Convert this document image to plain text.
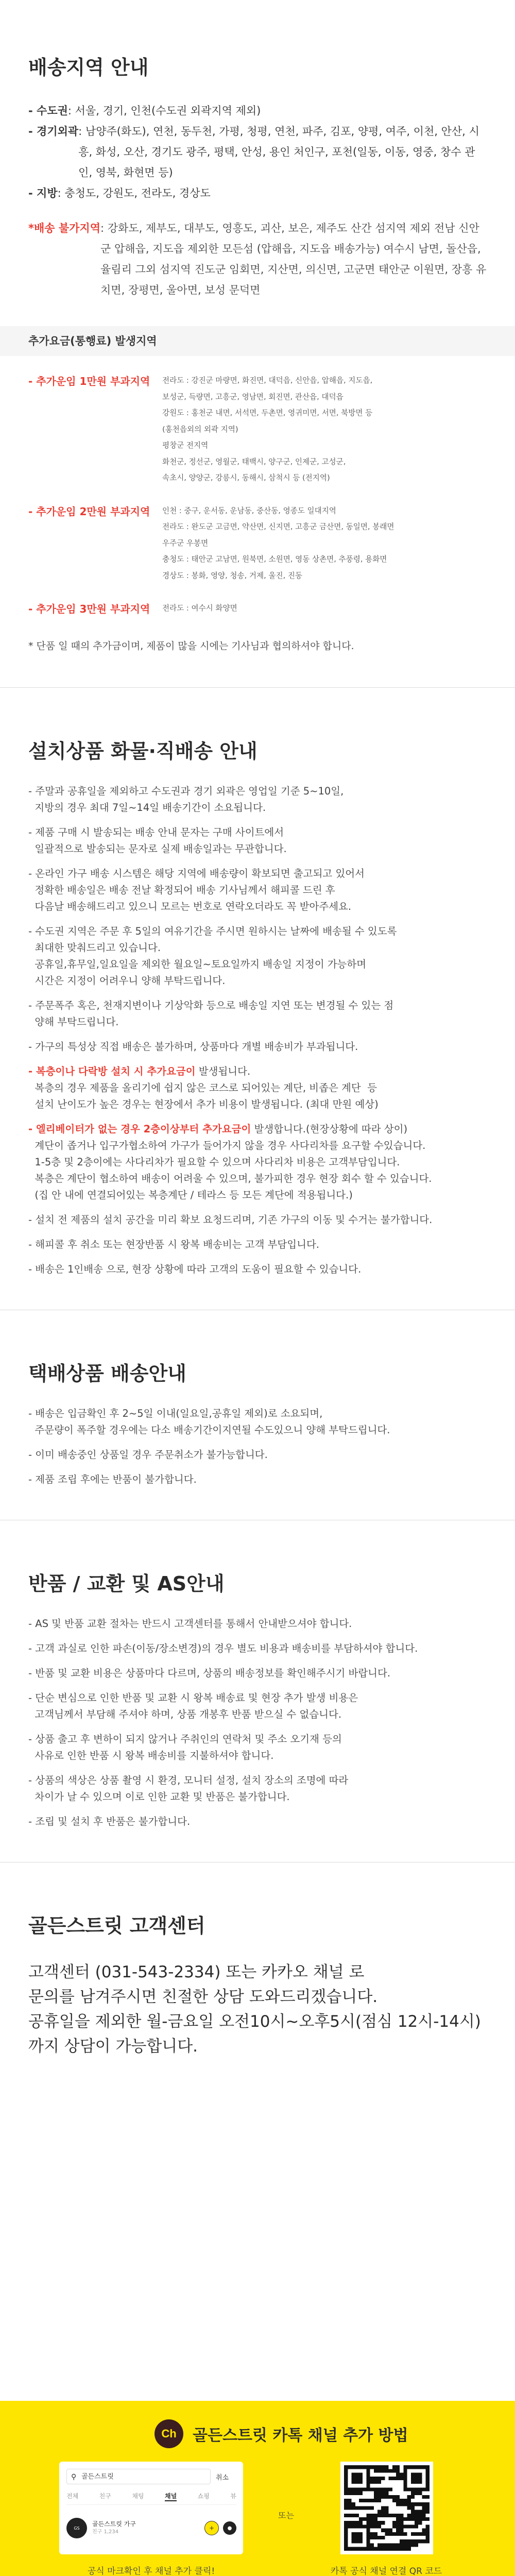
배송지역 안내
- 수도권 : 서울, 경기, 인천(수도권 외곽지역 제외)
- 경기외곽 : 남양주(화도), 연천, 동두천, 가평, 청평, 연천, 파주, 김포, 양평, 여주, 이천, 안산, 시흥, 화성, 오산, 경기도 광주, 평택, 안성, 용인 처인구, 포천(일동, 이동, 영중, 창수 관인, 영북, 화현면 등)
- 지방 : 충청도, 강원도, 전라도, 경상도
*배송 불가지역 : 강화도, 제부도, 대부도, 영흥도, 괴산, 보은, 제주도 산간 섬지역 제외 전남 신안군 압해읍, 지도읍 제외한 모든섬 (압해읍, 지도읍 배송가능) 여수시 남면, 돌산읍, 율림리 그외 섬지역 진도군 임회면, 지산면, 의신면, 고군면 태안군 이원면, 장흥 유치면, 장평면, 울아면, 보성 문덕면
추가요금(통행료) 발생지역
- 추가운임 1만원 부과지역	전라도 : 강진군 마량면, 화진면, 대덕읍, 신안읍, 압해읍, 지도읍,
보성군, 득량면, 고흥군, 영남면, 회진면, 관산읍, 대덕읍
강원도 : 홍천군 내면, 서석면, 두촌면, 영귀미면, 서면, 북방면 등
(홍천읍외의 외곽 지역)
평창군 전지역
화천군, 정선군, 영월군, 태백시, 양구군, 인제군, 고성군,
속초시, 양양군, 강릉시, 동해시, 삼척시 등 (전지역)
- 추가운임 2만원 부과지역	인천 : 중구, 운서동, 운남동, 중산동, 영종도 일대지역
전라도 : 완도군 고금면, 약산면, 신지면, 고흥군 금산면, 동일면, 봉래면
우주군 우봉면
충청도 : 태안군 고남면, 원북면, 소원면, 영동 상촌면, 추풍령, 용화면
경상도 : 봉화, 영양, 청송, 거제, 울진, 진동
- 추가운임 3만원 부과지역	전라도 : 여수시 화양면
* 단품 일 때의 추가금이며, 제품이 많을 시에는 기사님과 협의하셔야 합니다.
설치상품 화물·직배송 안내
- 주말과 공휴일을 제외하고 수도권과 경기 외곽은 영업일 기준 5~10일,
지방의 경우 최대 7일~14일 배송기간이 소요됩니다.
- 제품 구매 시 발송되는 배송 안내 문자는 구매 사이트에서
일괄적으로 발송되는 문자로 실제 배송일과는 무관합니다.
- 온라인 가구 배송 시스템은 해당 지역에 배송량이 확보되면 출고되고 있어서
정확한 배송일은 배송 전날 확정되어 배송 기사님께서 해피콜 드린 후
다음날 배송해드리고 있으니 모르는 번호로 연락오더라도 꼭 받아주세요.
- 수도권 지역은 주문 후 5일의 여유기간을 주시면 원하시는 날짜에 배송될 수 있도록
최대한 맞춰드리고 있습니다.
공휴일,휴무일,일요일을 제외한 월요일~토요일까지 배송일 지정이 가능하며
시간은 지정이 어려우니 양해 부탁드립니다.
- 주문폭주 혹은, 천재지변이나 기상악화 등으로 배송일 지연 또는 변경될 수 있는 점
양해 부탁드립니다.
- 가구의 특성상 직접 배송은 불가하며, 상품마다 개별 배송비가 부과됩니다.
- 복층이나 다락방 설치 시 추가요금이 발생됩니다.
복층의 경우 제품을 올리기에 쉽지 않은 코스로 되어있는 계단, 비좁은 계단  등
설치 난이도가 높은 경우는 현장에서 추가 비용이 발생됩니다. (최대 만원 예상)
- 엘리베이터가 없는 경우 2층이상부터 추가요금이 발생합니다.(현장상황에 따라 상이)
계단이 좁거나 입구가협소하여 가구가 들어가지 않을 경우 사다리차를 요구할 수있습니다.
1-5층 및 2층이에는 사다리차가 필요할 수 있으며 사다리차 비용은 고객부담입니다.
복층은 계단이 협소하여 배송이 어려울 수 있으며, 불가피한 경우 현장 회수 할 수 있습니다.
(집 안 내에 연결되어있는 복층계단 / 테라스 등 모든 계단에 적용됩니다.)
- 설치 전 제품의 설치 공간을 미리 확보 요청드리며, 기존 가구의 이동 및 수거는 불가합니다.
- 해피콜 후 취소 또는 현장반품 시 왕복 배송비는 고객 부담입니다.
- 배송은 1인배송 으로, 현장 상황에 따라 고객의 도움이 필요할 수 있습니다.
택배상품 배송안내
- 배송은 입금확인 후 2~5일 이내(일요일,공휴일 제외)로 소요되며,
주문량이 폭주할 경우에는 다소 배송기간이지연될 수도있으니 양해 부탁드립니다.
- 이미 배송중인 상품일 경우 주문취소가 불가능합니다.
- 제품 조립 후에는 반품이 불가합니다.
반품 / 교환 및 AS안내
- AS 및 반품 교환 절차는 반드시 고객센터를 통해서 안내받으셔야 합니다.
- 고객 과실로 인한 파손(이동/장소변경)의 경우 별도 비용과 배송비를 부담하셔야 합니다.
- 반품 및 교환 비용은 상품마다 다르며, 상품의 배송정보를 확인해주시기 바랍니다.
- 단순 변심으로 인한 반품 및 교환 시 왕복 배송료 및 현장 추가 발생 비용은
고객님께서 부담해 주셔야 하며, 상품 개봉후 반품 받으실 수 없습니다.
- 상품 출고 후 변하이 되지 않거나 주취인의 연락처 및 주소 오기재 등의
사유로 인한 반품 시 왕복 배송비를 지불하셔야 합니다.
- 상품의 색상은 상품 촬영 시 환경, 모니터 설정, 설치 장소의 조명에 따라
차이가 날 수 있으며 이로 인한 교환 및 반품은 불가합니다.
- 조립 및 설치 후 반품은 불가합니다.
골든스트릿 고객센터
고객센터 (031-543-2334) 또는 카카오 채널 로
문의를 남겨주시면 친절한 상담 도와드리겠습니다.
공휴일을 제외한 월-금요일 오전10시~오후5시(점심 12시-14시)
까지 상담이 가능합니다.
Ch	골든스트릿 카톡 채널 추가 방법
⚲ 골든스트릿	취소
전체	친구	채팅	채널	쇼핑	뷰
GS
골든스트릿 가구
친구 1,234
+	●
또는
공식 마크확인 후 채널 추가 클릭!	카톡 공식 채널 연결 QR 코드
